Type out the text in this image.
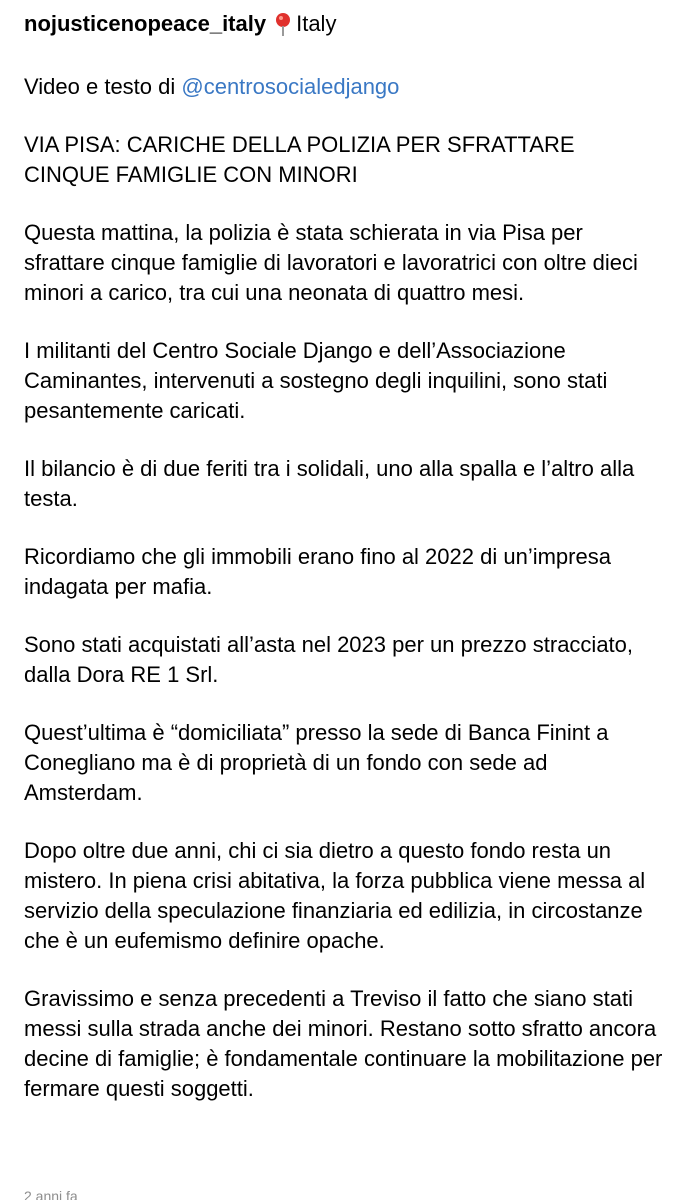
nojusticenopeace_italy Italy

Video e testo di @centrosocialedjango

VIA PISA: CARICHE DELLA POLIZIA PER SFRATTARE
CINQUE FAMIGLIE CON MINORI

Questa mattina, la polizia è stata schierata in via Pisa per sfrattare cinque famiglie di lavoratori e lavoratrici con oltre dieci minori a carico, tra cui una neonata di quattro mesi.

I militanti del Centro Sociale Django e dell’Associazione Caminantes, intervenuti a sostegno degli inquilini, sono stati pesantemente caricati.

Il bilancio è di due feriti tra i solidali, uno alla spalla e l’altro alla testa.

Ricordiamo che gli immobili erano fino al 2022 di un’impresa indagata per mafia.

Sono stati acquistati all’asta nel 2023 per un prezzo stracciato, dalla Dora RE 1 Srl.

Quest’ultima è “domiciliata” presso la sede di Banca Finint a Conegliano ma è di proprietà di un fondo con sede ad Amsterdam.

Dopo oltre due anni, chi ci sia dietro a questo fondo resta un mistero. In piena crisi abitativa, la forza pubblica viene messa al servizio della speculazione finanziaria ed edilizia, in circostanze che è un eufemismo definire opache.

Gravissimo e senza precedenti a Treviso il fatto che siano stati messi sulla strada anche dei minori. Restano sotto sfratto ancora decine di famiglie; è fondamentale continuare la mobilitazione per fermare questi soggetti.

2 anni fa
